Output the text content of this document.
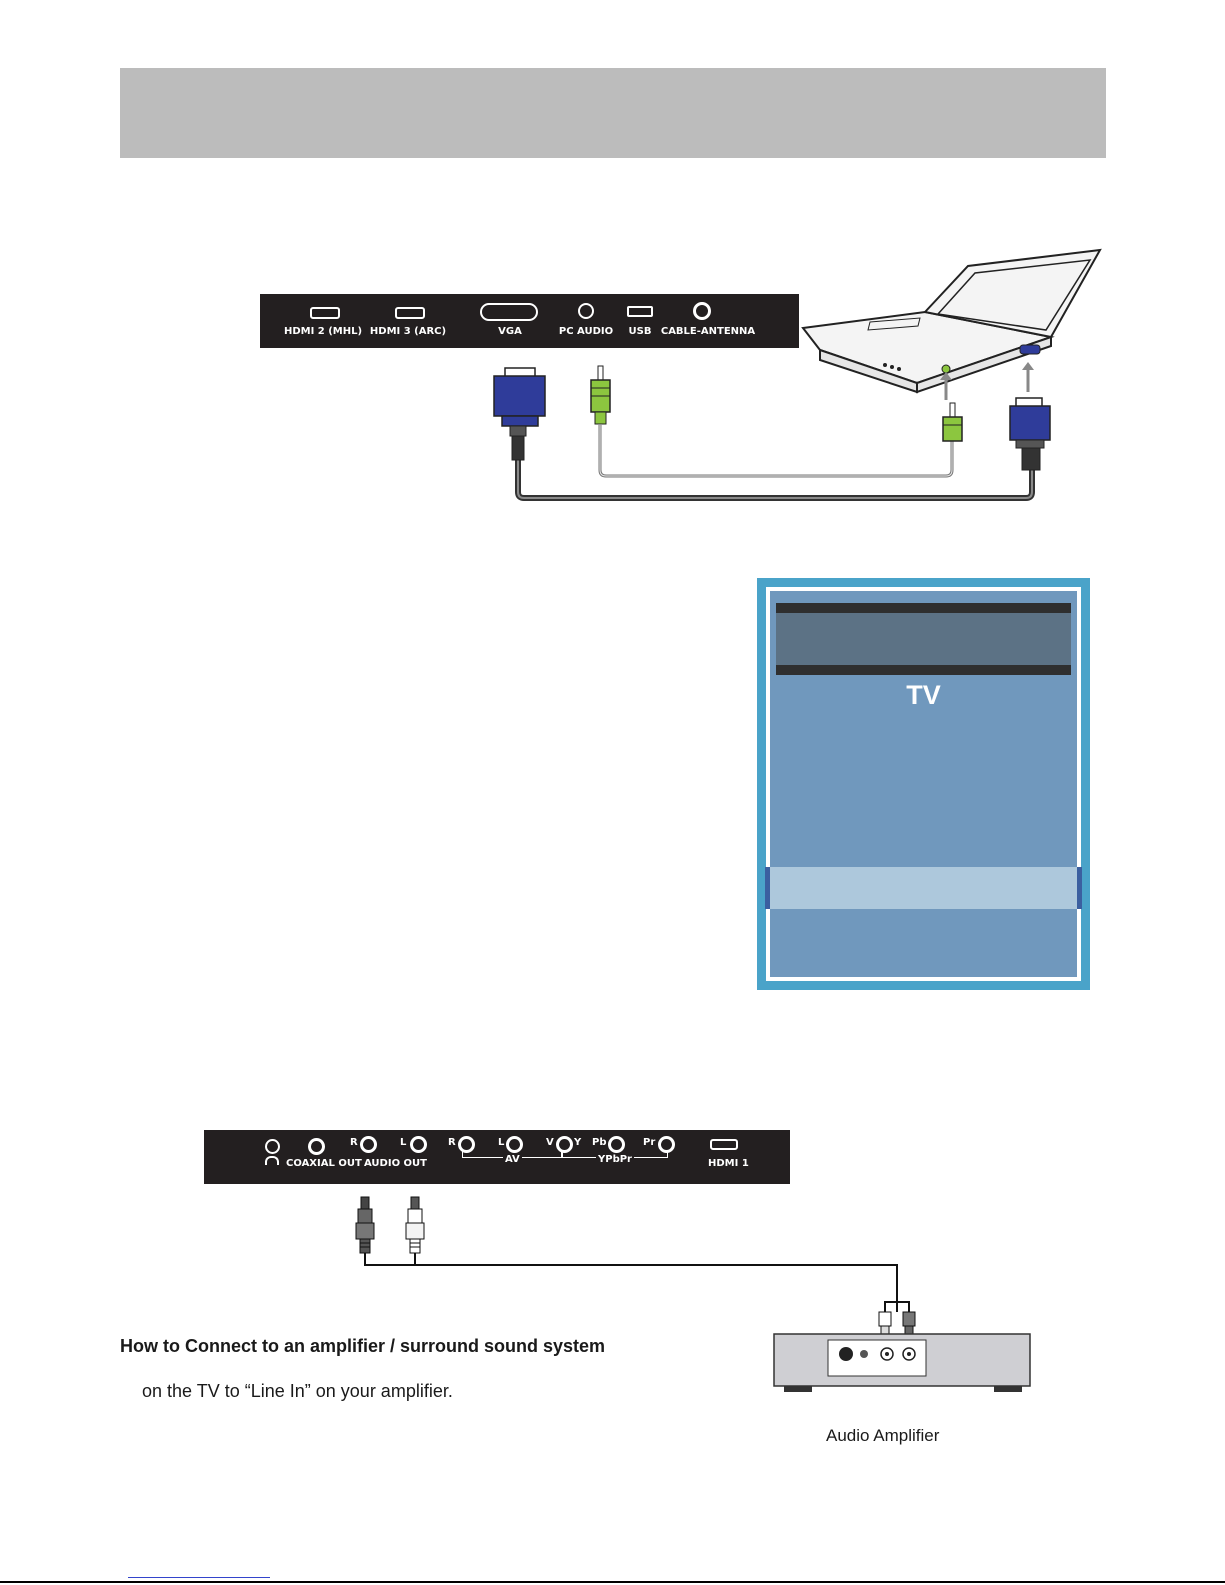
HDMI 2 (MHL) HDMI 3 (ARC)	VGA	PC AUDIO USB CABLE-ANTENNA
TV
COAXIAL OUT
R	L
AUDIO OUT
R	L	V
AV
Y Pb	Pr
YPbPr	HDMI 1
How to Connect to an amplifier / surround sound system
on the TV to “Line In” on your amplifier.
Audio Amplifier
